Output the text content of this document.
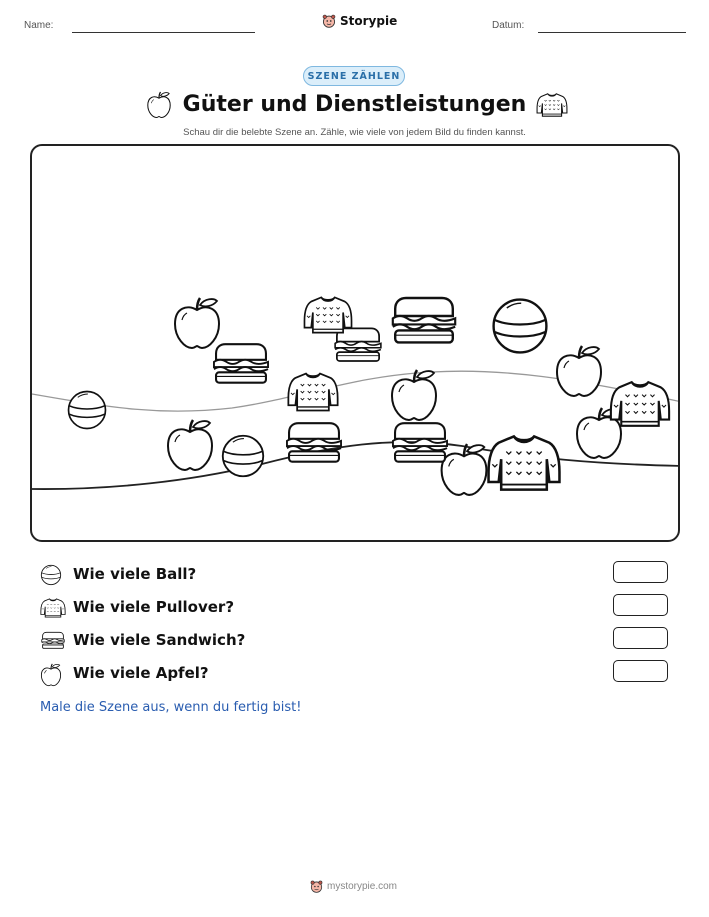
Name:	Storypie	Datum:
SZENE ZÄHLEN
Güter und Dienstleistungen
Schau dir die belebte Szene an. Zähle, wie viele von jedem Bild du finden kannst.
Wie viele Ball?
Wie viele Pullover?
Wie viele Sandwich?
Wie viele Apfel?
Male die Szene aus, wenn du fertig bist!
mystorypie.com
